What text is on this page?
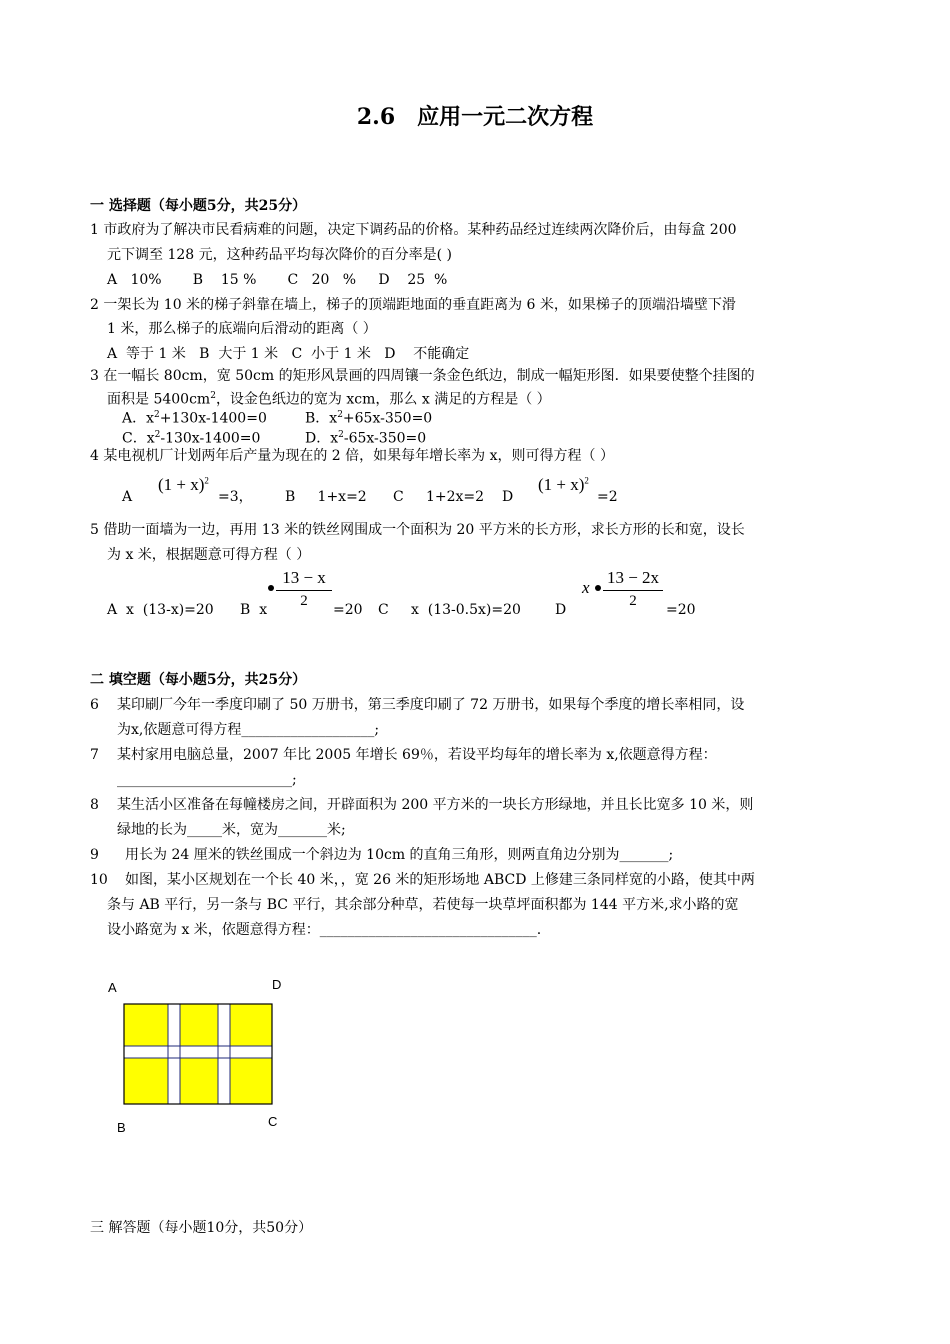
2.6　应用一元二次方程
一 选择题（每小题5分，共25分）
1 市政府为了解决市民看病难的问题，决定下调药品的价格。某种药品经过连续两次降价后，由每盒 200
元下调至 128 元，这种药品平均每次降价的百分率是( )
A   10%       B    15 %       C   20   %     D    25  %
2 一架长为 10 米的梯子斜靠在墙上，梯子的顶端距地面的垂直距离为 6 米，如果梯子的顶端沿墙壁下滑
1 米，那么梯子的底端向后滑动的距离（ ）
A  等于 1 米   B  大于 1 米   C  小于 1 米   D    不能确定
3 在一幅长 80cm，宽 50cm 的矩形风景画的四周镶一条金色纸边，制成一幅矩形图．如果要使整个挂图的
面积是 $5400cm^2$，设金色纸边的宽为 xcm，那么 x 满足的方程是（ ）
A．$x^2+130x-1400=0$	B．$x^2+65x-350=0$
C．$x^2-130x-1400=0$	D．$x^2-65x-350=0$
4 某电视机厂计划两年后产量为现在的 2 倍，如果每年增长率为 x，则可得方程（ ）
A
$(1 + x)^2$
=3， B     1+x=2 C     1+2x=2 D
$(1 + x)^2$
=2
5 借助一面墙为一边，再用 13 米的铁丝网围成一个面积为 20 平方米的长方形，求长方形的长和宽，设长
为 x 米，根据题意可得方程（ ）
A  x  (13-x)=20 B  x
13 − x
2
=20 C     x  (13-0.5x)=20 D
x
13 − 2x
2
=20
二 填空题（每小题5分，共25分）
6 某印刷厂今年一季度印刷了 50 万册书，第三季度印刷了 72 万册书，如果每个季度的增长率相同，设
为x,依题意可得方程___________________;
7 某村家用电脑总量，2007 年比 2005 年增长 69％，若设平均每年的增长率为 x,依题意得方程：
_________________________;
8 某生活小区准备在每幢楼房之间，开辟面积为 200 平方米的一块长方形绿地，并且长比宽多 10 米，则
绿地的长为_____米，宽为_______米;
9 用长为 24 厘米的铁丝围成一个斜边为 10cm 的直角三角形，则两直角边分别为_______;
10 如图，某小区规划在一个长 40 米，，宽 26 米的矩形场地 ABCD 上修建三条同样宽的小路，使其中两
条与 AB 平行，另一条与 BC 平行，其余部分种草，若使每一块草坪面积都为 144 平方米,求小路的宽
设小路宽为 x 米，依题意得方程：_______________________________.
A	D
B	C
三 解答题（每小题10分，共50分）
